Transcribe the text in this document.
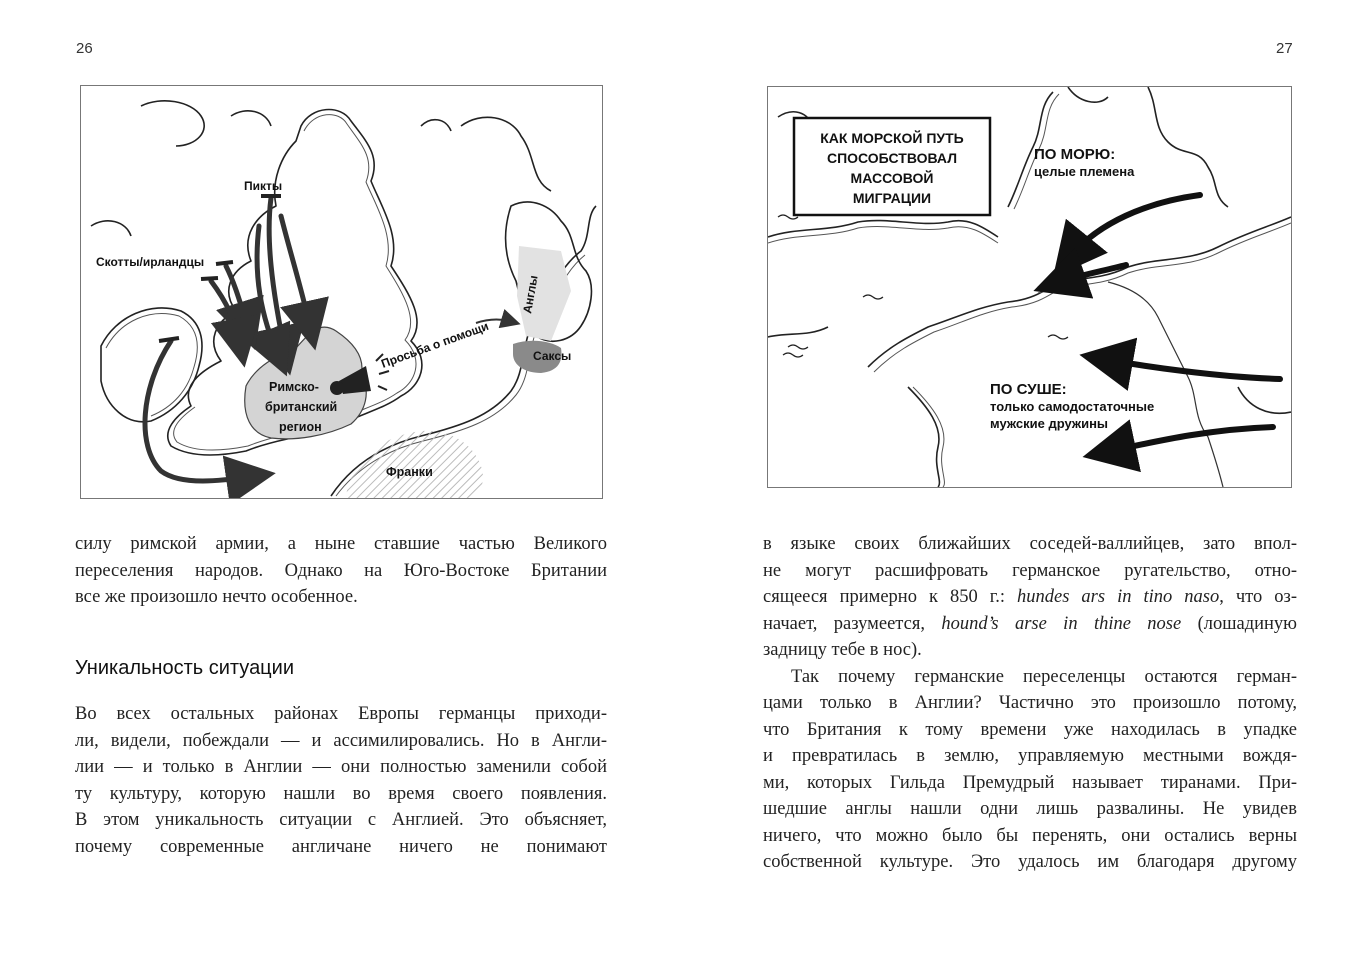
26	27
Пикты
Скотты/ирландцы
Англы
Просьба о помощи
Римско-
британский
регион
Саксы
Франки
КАК МОРСКОЙ ПУТЬ
СПОСОБСТВОВАЛ
МАССОВОЙ
МИГРАЦИИ
ПО МОРЮ:
целые племена
ПО СУШЕ:
только самодостаточные
мужские дружины

силу римской армии, а ныне ставшие частью Великого

переселения народов. Однако на Юго-Востоке Британии

все же произошло нечто особенное.

Уникальность ситуации

Во всех остальных районах Европы германцы приходи-

ли, видели, побеждали — и ассимилировались. Но в Англи-

лии — и только в Англии — они полностью заменили собой

ту культуру, которую нашли во время своего появления.

В этом уникальность ситуации с Англией. Это объясняет,

почему современные англичане ничего не понимают

в языке своих ближайших соседей-валлийцев, зато впол-

не могут расшифровать германское ругательство, отно-

сящееся примерно к 850 г.: hundes ars in tino naso, что оз-

начает, разумеется, hound’s arse in thine nose (лошадиную

задницу тебе в нос).

Так почему германские переселенцы остаются герман-

цами только в Англии? Частично это произошло потому,

что Британия к тому времени уже находилась в упадке

и превратилась в землю, управляемую местными вождя-

ми, которых Гильда Премудрый называет тиранами. При-

шедшие англы нашли одни лишь развалины. Не увидев

ничего, что можно было бы перенять, они остались верны

собственной культуре. Это удалось им благодаря другому
